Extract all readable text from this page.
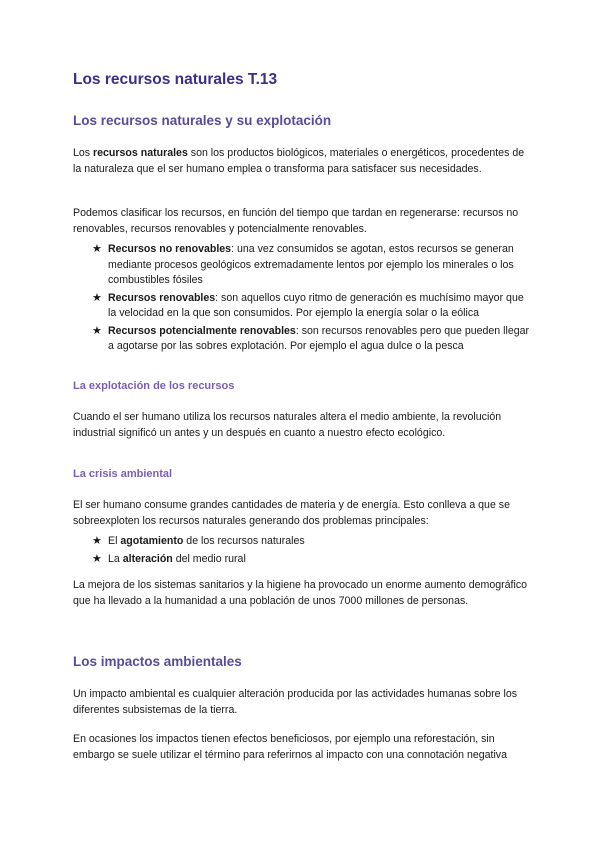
Los recursos naturales T.13
Los recursos naturales y su explotación

Los recursos naturales son los productos biológicos, materiales o energéticos, procedentes de la naturaleza que el ser humano emplea o transforma para satisfacer sus necesidades.

Podemos clasificar los recursos, en función del tiempo que tardan en regenerarse: recursos no renovables, recursos renovables y potencialmente renovables.

★ Recursos no renovables: una vez consumidos se agotan, estos recursos se generan mediante procesos geológicos extremadamente lentos por ejemplo los minerales o los combustibles fósiles
★ Recursos renovables: son aquellos cuyo ritmo de generación es muchísimo mayor que la velocidad en la que son consumidos. Por ejemplo la energía solar o la eólica
★ Recursos potencialmente renovables: son recursos renovables pero que pueden llegar a agotarse por las sobres explotación. Por ejemplo el agua dulce o la pesca
La explotación de los recursos

Cuando el ser humano utiliza los recursos naturales altera el medio ambiente, la revolución industrial significó un antes y un después en cuanto a nuestro efecto ecológico.

La crisis ambiental

El ser humano consume grandes cantidades de materia y de energía. Esto conlleva a que se sobreexploten los recursos naturales generando dos problemas principales:

★ El agotamiento de los recursos naturales
★ La alteración del medio rural

La mejora de los sistemas sanitarios y la higiene ha provocado un enorme aumento demográfico que ha llevado a la humanidad a una población de unos 7000 millones de personas.

Los impactos ambientales

Un impacto ambiental es cualquier alteración producida por las actividades humanas sobre los diferentes subsistemas de la tierra.

En ocasiones los impactos tienen efectos beneficiosos, por ejemplo una reforestación, sin embargo se suele utilizar el término para referirnos al impacto con una connotación negativa
